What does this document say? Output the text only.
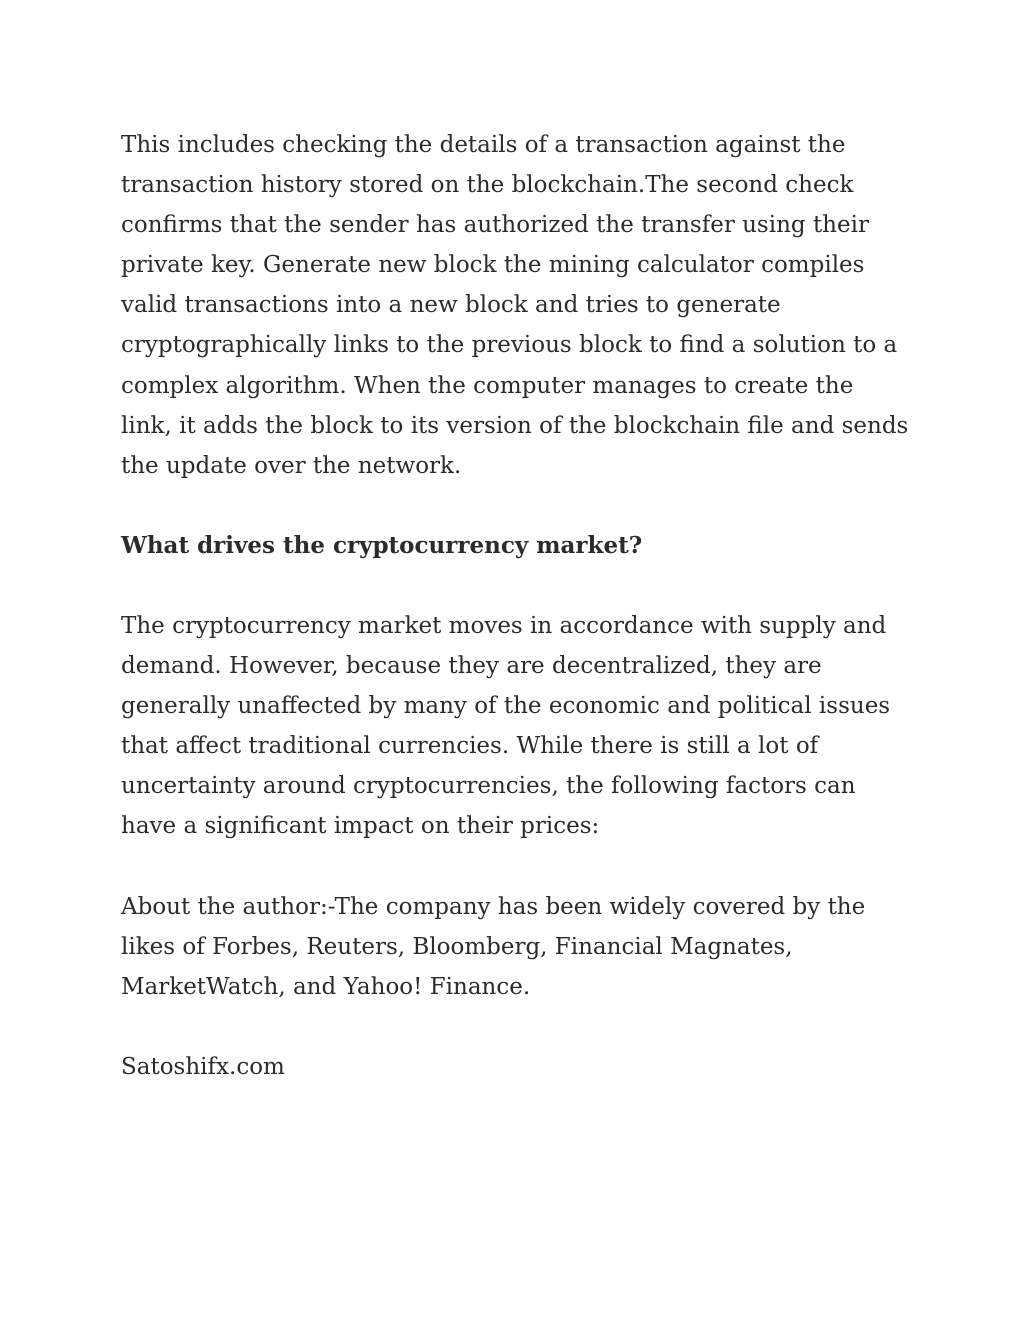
This includes checking the details of a transaction against the
transaction history stored on the blockchain.The second check
confirms that the sender has authorized the transfer using their
private key. Generate new block the mining calculator compiles
valid transactions into a new block and tries to generate
cryptographically links to the previous block to find a solution to a
complex algorithm. When the computer manages to create the
link, it adds the block to its version of the blockchain file and sends
the update over the network.

What drives the cryptocurrency market?

The cryptocurrency market moves in accordance with supply and
demand. However, because they are decentralized, they are
generally unaffected by many of the economic and political issues
that affect traditional currencies. While there is still a lot of
uncertainty around cryptocurrencies, the following factors can
have a significant impact on their prices:

About the author:-The company has been widely covered by the
likes of Forbes, Reuters, Bloomberg, Financial Magnates,
MarketWatch, and Yahoo! Finance.

Satoshifx.com
